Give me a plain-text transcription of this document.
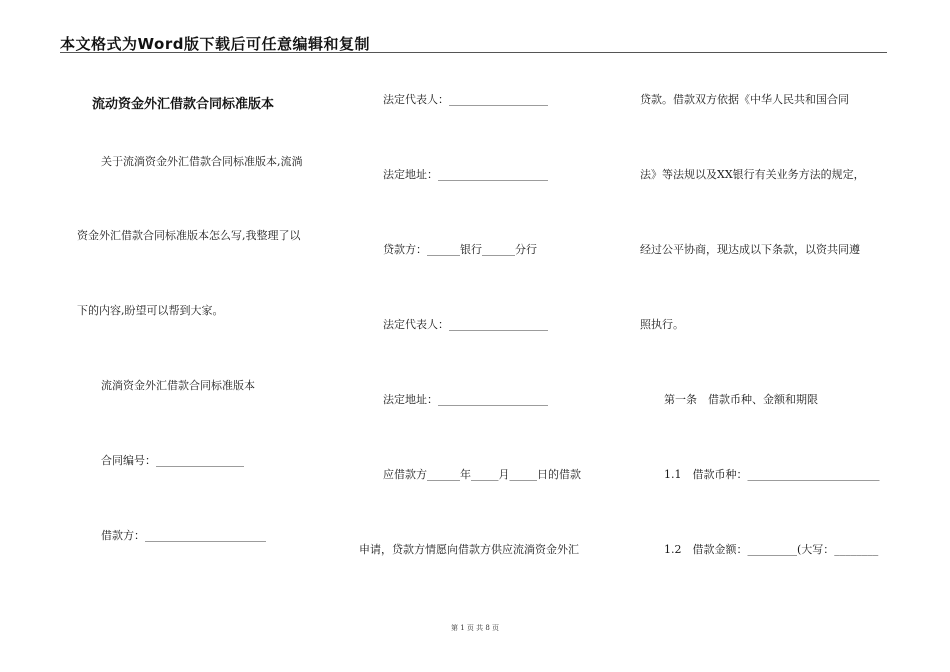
本文格式为Word版下载后可任意编辑和复制
流动资金外汇借款合同标准版本
关于流淌资金外汇借款合同标准版本,流淌
资金外汇借款合同标准版本怎么写,我整理了以
下的内容,盼望可以帮到大家。
流淌资金外汇借款合同标准版本
合同编号：________________
借款方：______________________
法定代表人：__________________
法定地址：____________________
贷款方：______银行______分行
法定代表人：__________________
法定地址：____________________
应借款方______年_____月_____日的借款
申请，贷款方情愿向借款方供应流淌资金外汇
贷款。借款双方依据《中华人民共和国合同
法》等法规以及XX银行有关业务方法的规定，
经过公平协商，现达成以下条款，以资共同遵
照执行。
第一条　借款币种、金额和期限
1.1　借款币种：________________________
1.2　借款金额：_________(大写：________
第 1 页 共 8 页
